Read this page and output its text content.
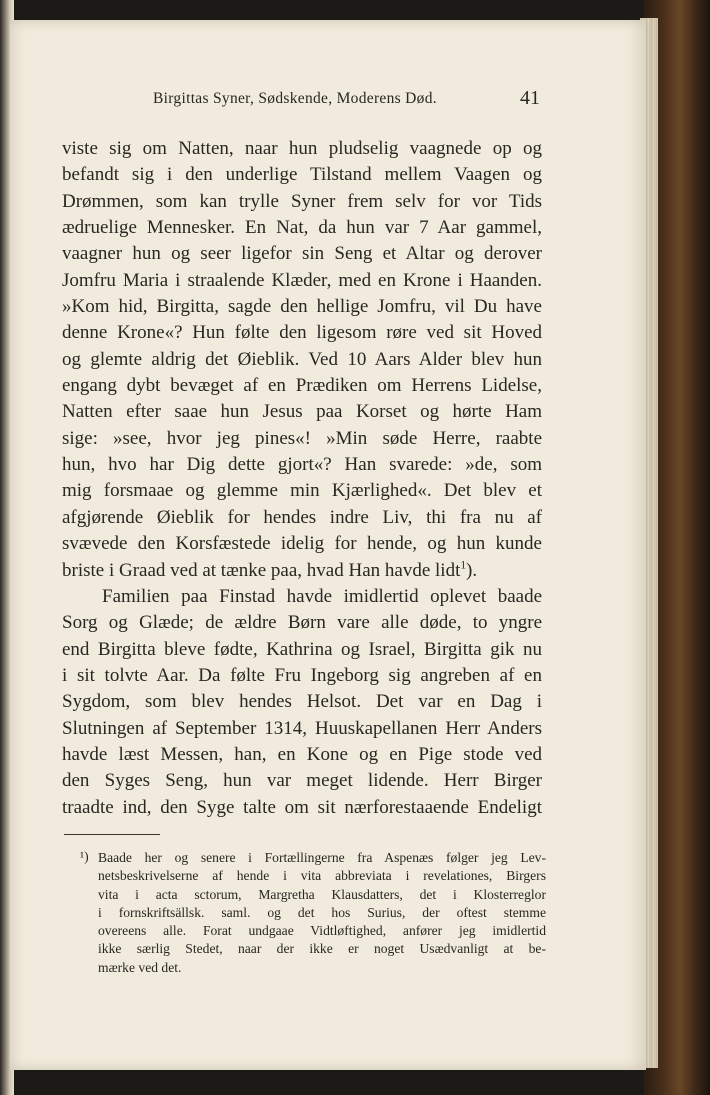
Birgittas Syner, Sødskende, Moderens Død.	41
viste sig om Natten, naar hun pludselig vaagnede op og
befandt sig i den underlige Tilstand mellem Vaagen og
Drømmen, som kan trylle Syner frem selv for vor Tids
ædruelige Mennesker. En Nat, da hun var 7 Aar gammel,
vaagner hun og seer ligefor sin Seng et Altar og derover
Jomfru Maria i straalende Klæder, med en Krone i Haanden.
»Kom hid, Birgitta, sagde den hellige Jomfru, vil Du have
denne Krone«? Hun følte den ligesom røre ved sit Hoved
og glemte aldrig det Øieblik. Ved 10 Aars Alder blev hun
engang dybt bevæget af en Prædiken om Herrens Lidelse,
Natten efter saae hun Jesus paa Korset og hørte Ham
sige: »see, hvor jeg pines«! »Min søde Herre, raabte
hun, hvo har Dig dette gjort«? Han svarede: »de, som
mig forsmaae og glemme min Kjærlighed«. Det blev et
afgjørende Øieblik for hendes indre Liv, thi fra nu af
svævede den Korsfæstede idelig for hende, og hun kunde
briste i Graad ved at tænke paa, hvad Han havde lidt$^1$).
Familien paa Finstad havde imidlertid oplevet baade
Sorg og Glæde; de ældre Børn vare alle døde, to yngre
end Birgitta bleve fødte, Kathrina og Israel, Birgitta gik nu
i sit tolvte Aar. Da følte Fru Ingeborg sig angreben af en
Sygdom, som blev hendes Helsot. Det var en Dag i
Slutningen af September 1314, Huuskapellanen Herr Anders
havde læst Messen, han, en Kone og en Pige stode ved
den Syges Seng, hun var meget lidende. Herr Birger
traadte ind, den Syge talte om sit nærforestaaende Endeligt
¹) Baade her og senere i Fortællingerne fra Aspenæs følger jeg Lev-
netsbeskrivelserne af hende i vita abbreviata i revelationes, Birgers
vita i acta sctorum, Margretha Klausdatters, det i Klosterreglor
i fornskriftsällsk. saml. og det hos Surius, der oftest stemme
overeens alle. Forat undgaae Vidtløftighed, anfører jeg imidlertid
ikke særlig Stedet, naar der ikke er noget Usædvanligt at be-
mærke ved det.
